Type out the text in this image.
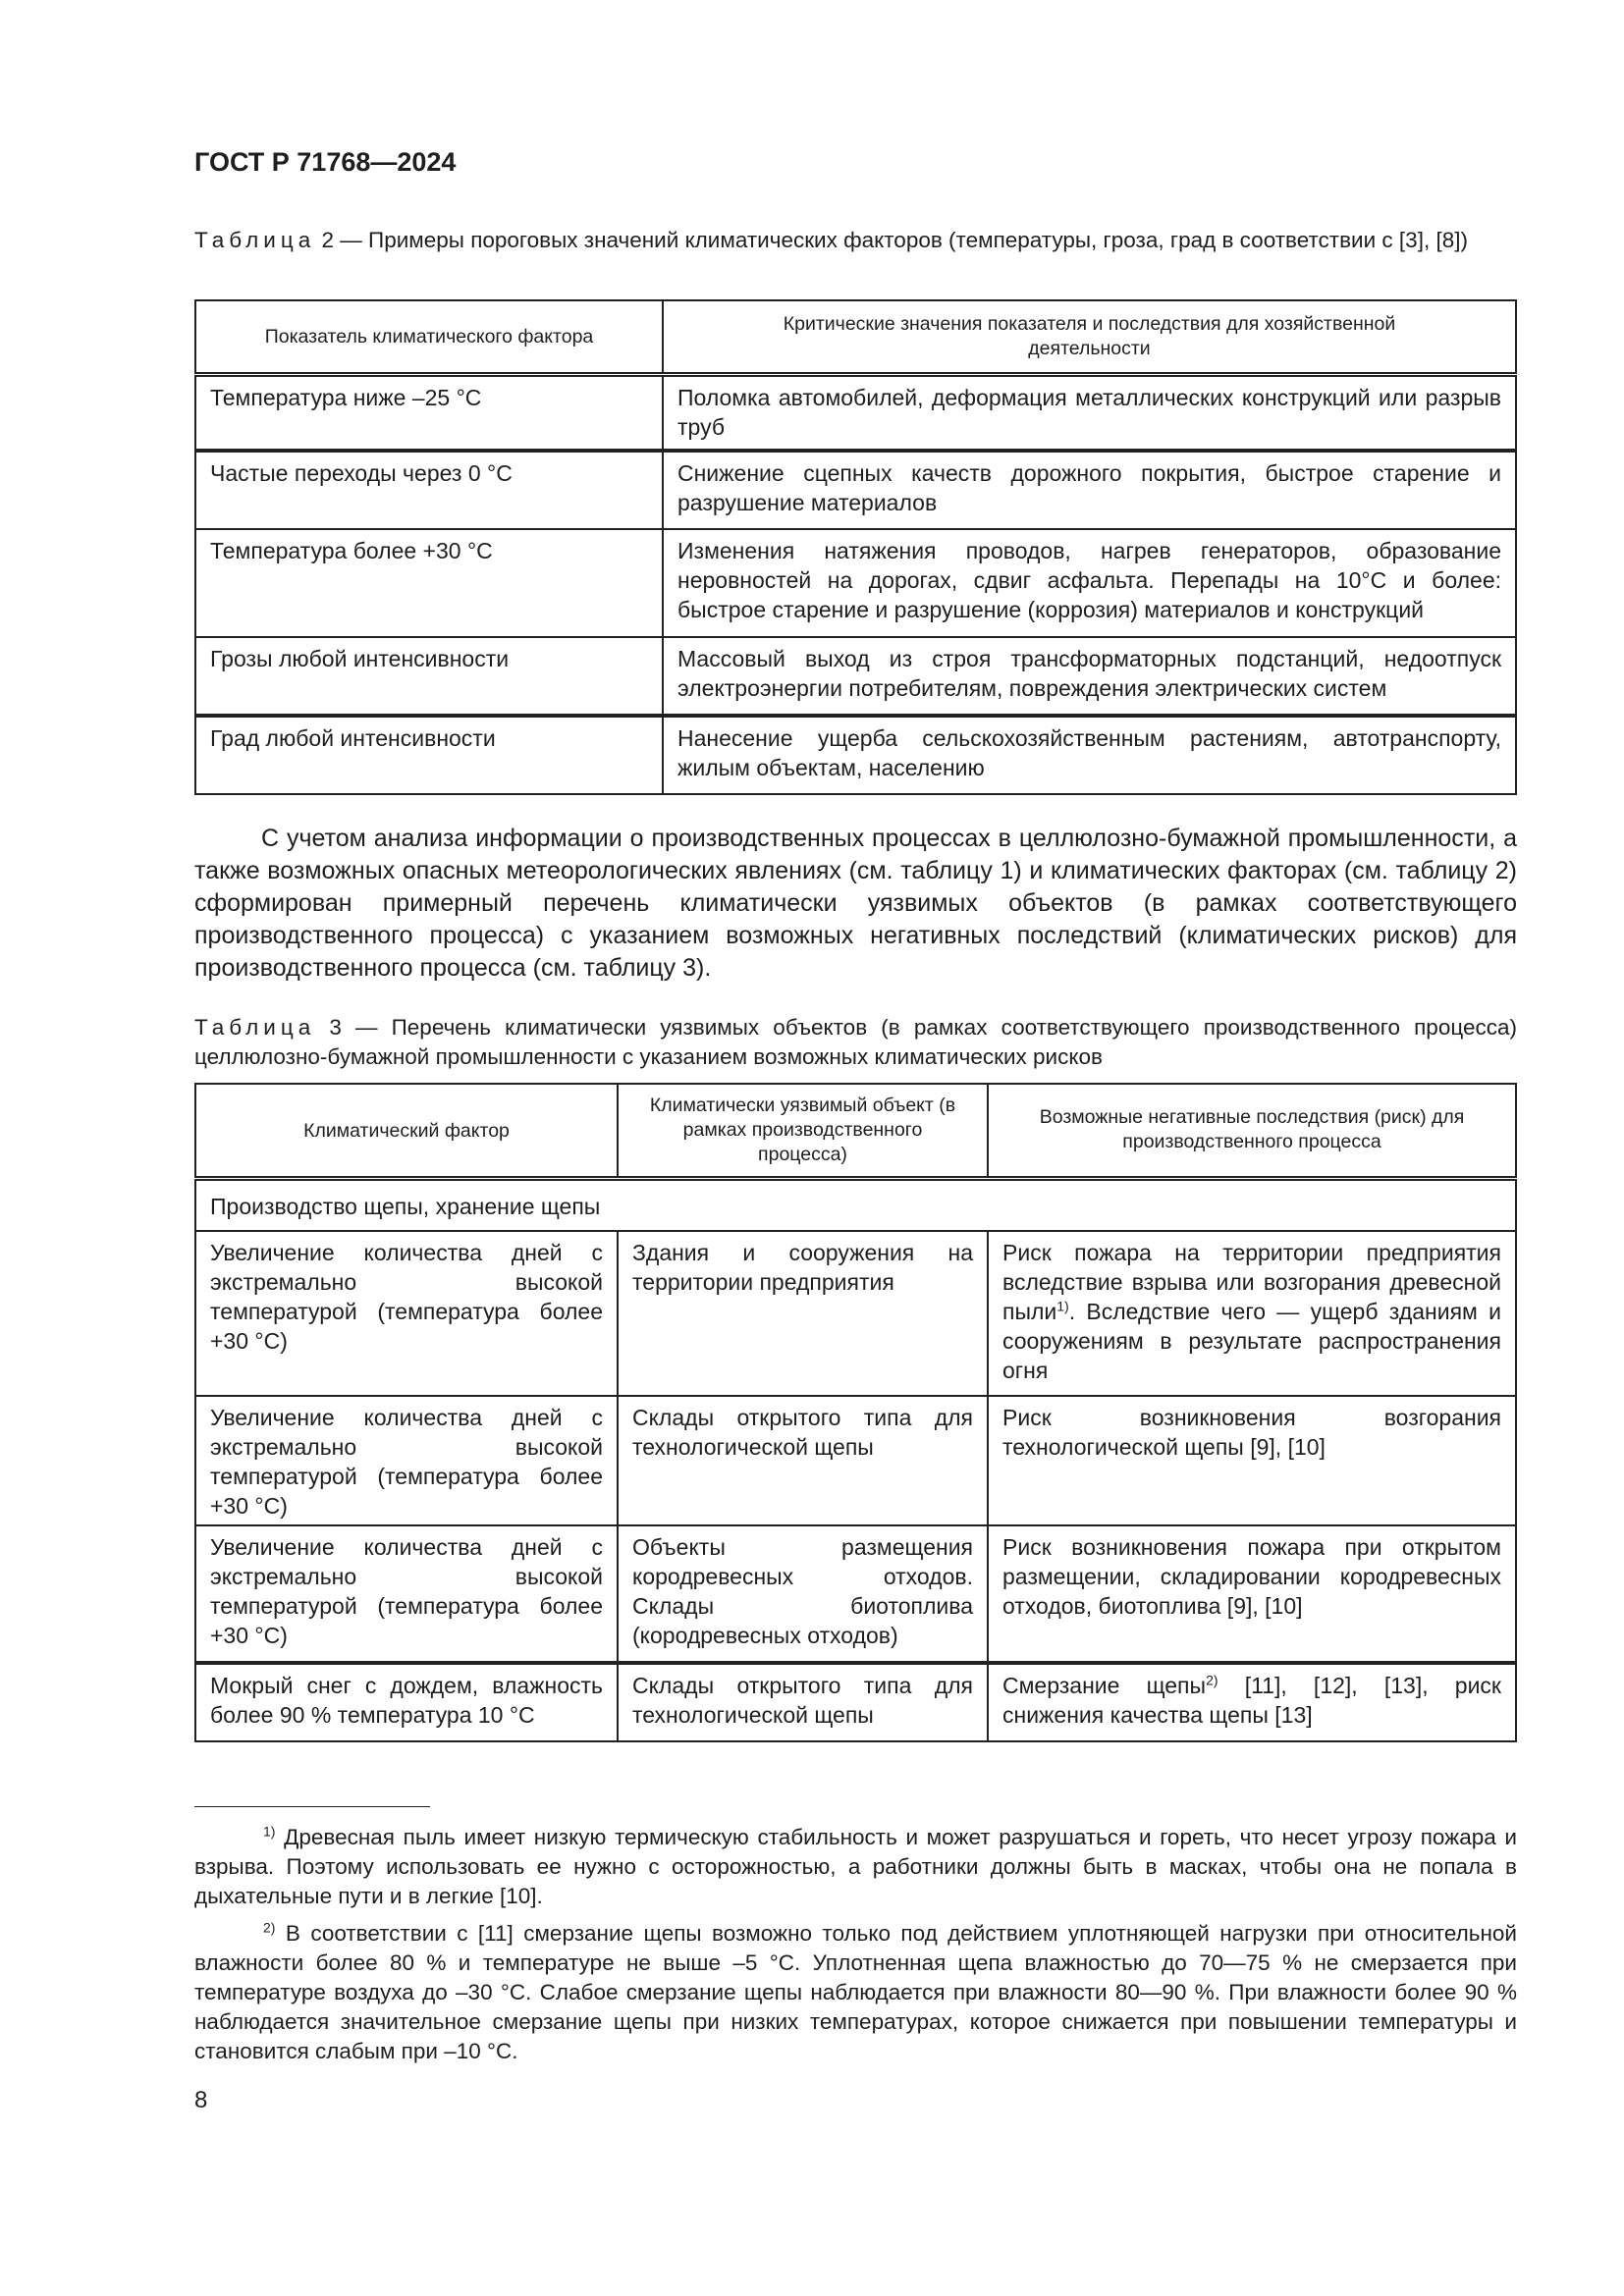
ГОСТ Р 71768—2024
Таблица 2 — Примеры пороговых значений климатических факторов (температуры, гроза, град в соответствии с [3], [8])
Показатель климатического фактора	Критические значения показателя и последствия для хозяйственной деятельности
Температура ниже –25 °С	Поломка автомобилей, деформация металлических конструкций или разрыв труб
Частые переходы через 0 °С	Снижение сцепных качеств дорожного покрытия, быстрое старение и разрушение материалов
Температура более +30 °С	Изменения натяжения проводов, нагрев генераторов, образование неровностей на дорогах, сдвиг асфальта. Перепады на 10°С и более: быстрое старение и разрушение (коррозия) материалов и конструкций
Грозы любой интенсивности	Массовый выход из строя трансформаторных подстанций, недоотпуск электроэнергии потребителям, повреждения электрических систем
Град любой интенсивности	Нанесение ущерба сельскохозяйственным растениям, автотранспорту, жилым объектам, населению
С учетом анализа информации о производственных процессах в целлюлозно-бумажной промышленности, а также возможных опасных метеорологических явлениях (см. таблицу 1) и климатических факторах (см. таблицу 2) сформирован примерный перечень климатически уязвимых объектов (в рамках соответствующего производственного процесса) с указанием возможных негативных последствий (климатических рисков) для производственного процесса (см. таблицу 3).
Таблица 3 — Перечень климатически уязвимых объектов (в рамках соответствующего производственного процесса) целлюлозно-бумажной промышленности с указанием возможных климатических рисков
Климатический фактор	Климатически уязвимый объект (в рамках производственного процесса)	Возможные негативные последствия (риск) для производственного процесса
Производство щепы, хранение щепы		
Увеличение количества дней с экстремально высокой температурой (температура более +30 °С)	Здания и сооружения на территории предприятия	Риск пожара на территории предприятия вследствие взрыва или возгорания древесной пыли$^{1)}$. Вследствие чего — ущерб зданиям и сооружениям в результате распространения огня
Увеличение количества дней с экстремально высокой температурой (температура более +30 °С)	Склады открытого типа для технологической щепы	Риск возникновения возгорания технологической щепы [9], [10]
Увеличение количества дней с экстремально высокой температурой (температура более +30 °С)	Объекты размещения кородревесных отходов. Склады биотоплива (кородревесных отходов)	Риск возникновения пожара при открытом размещении, складировании кородревесных отходов, биотоплива [9], [10]
Мокрый снег с дождем, влажность более 90 % температура 10 °С	Склады открытого типа для технологической щепы	Смерзание щепы$^{2)}$ [11], [12], [13], риск снижения качества щепы [13]
$^{1)}$ Древесная пыль имеет низкую термическую стабильность и может разрушаться и гореть, что несет угрозу пожара и взрыва. Поэтому использовать ее нужно с осторожностью, а работники должны быть в масках, чтобы она не попала в дыхательные пути и в легкие [10].
$^{2)}$ В соответствии с [11] смерзание щепы возможно только под действием уплотняющей нагрузки при относительной влажности более 80 % и температуре не выше –5 °С. Уплотненная щепа влажностью до 70—75 % не смерзается при температуре воздуха до –30 °С. Слабое смерзание щепы наблюдается при влажности 80—90 %. При влажности более 90 % наблюдается значительное смерзание щепы при низких температурах, которое снижается при повышении температуры и становится слабым при –10 °С.
8
